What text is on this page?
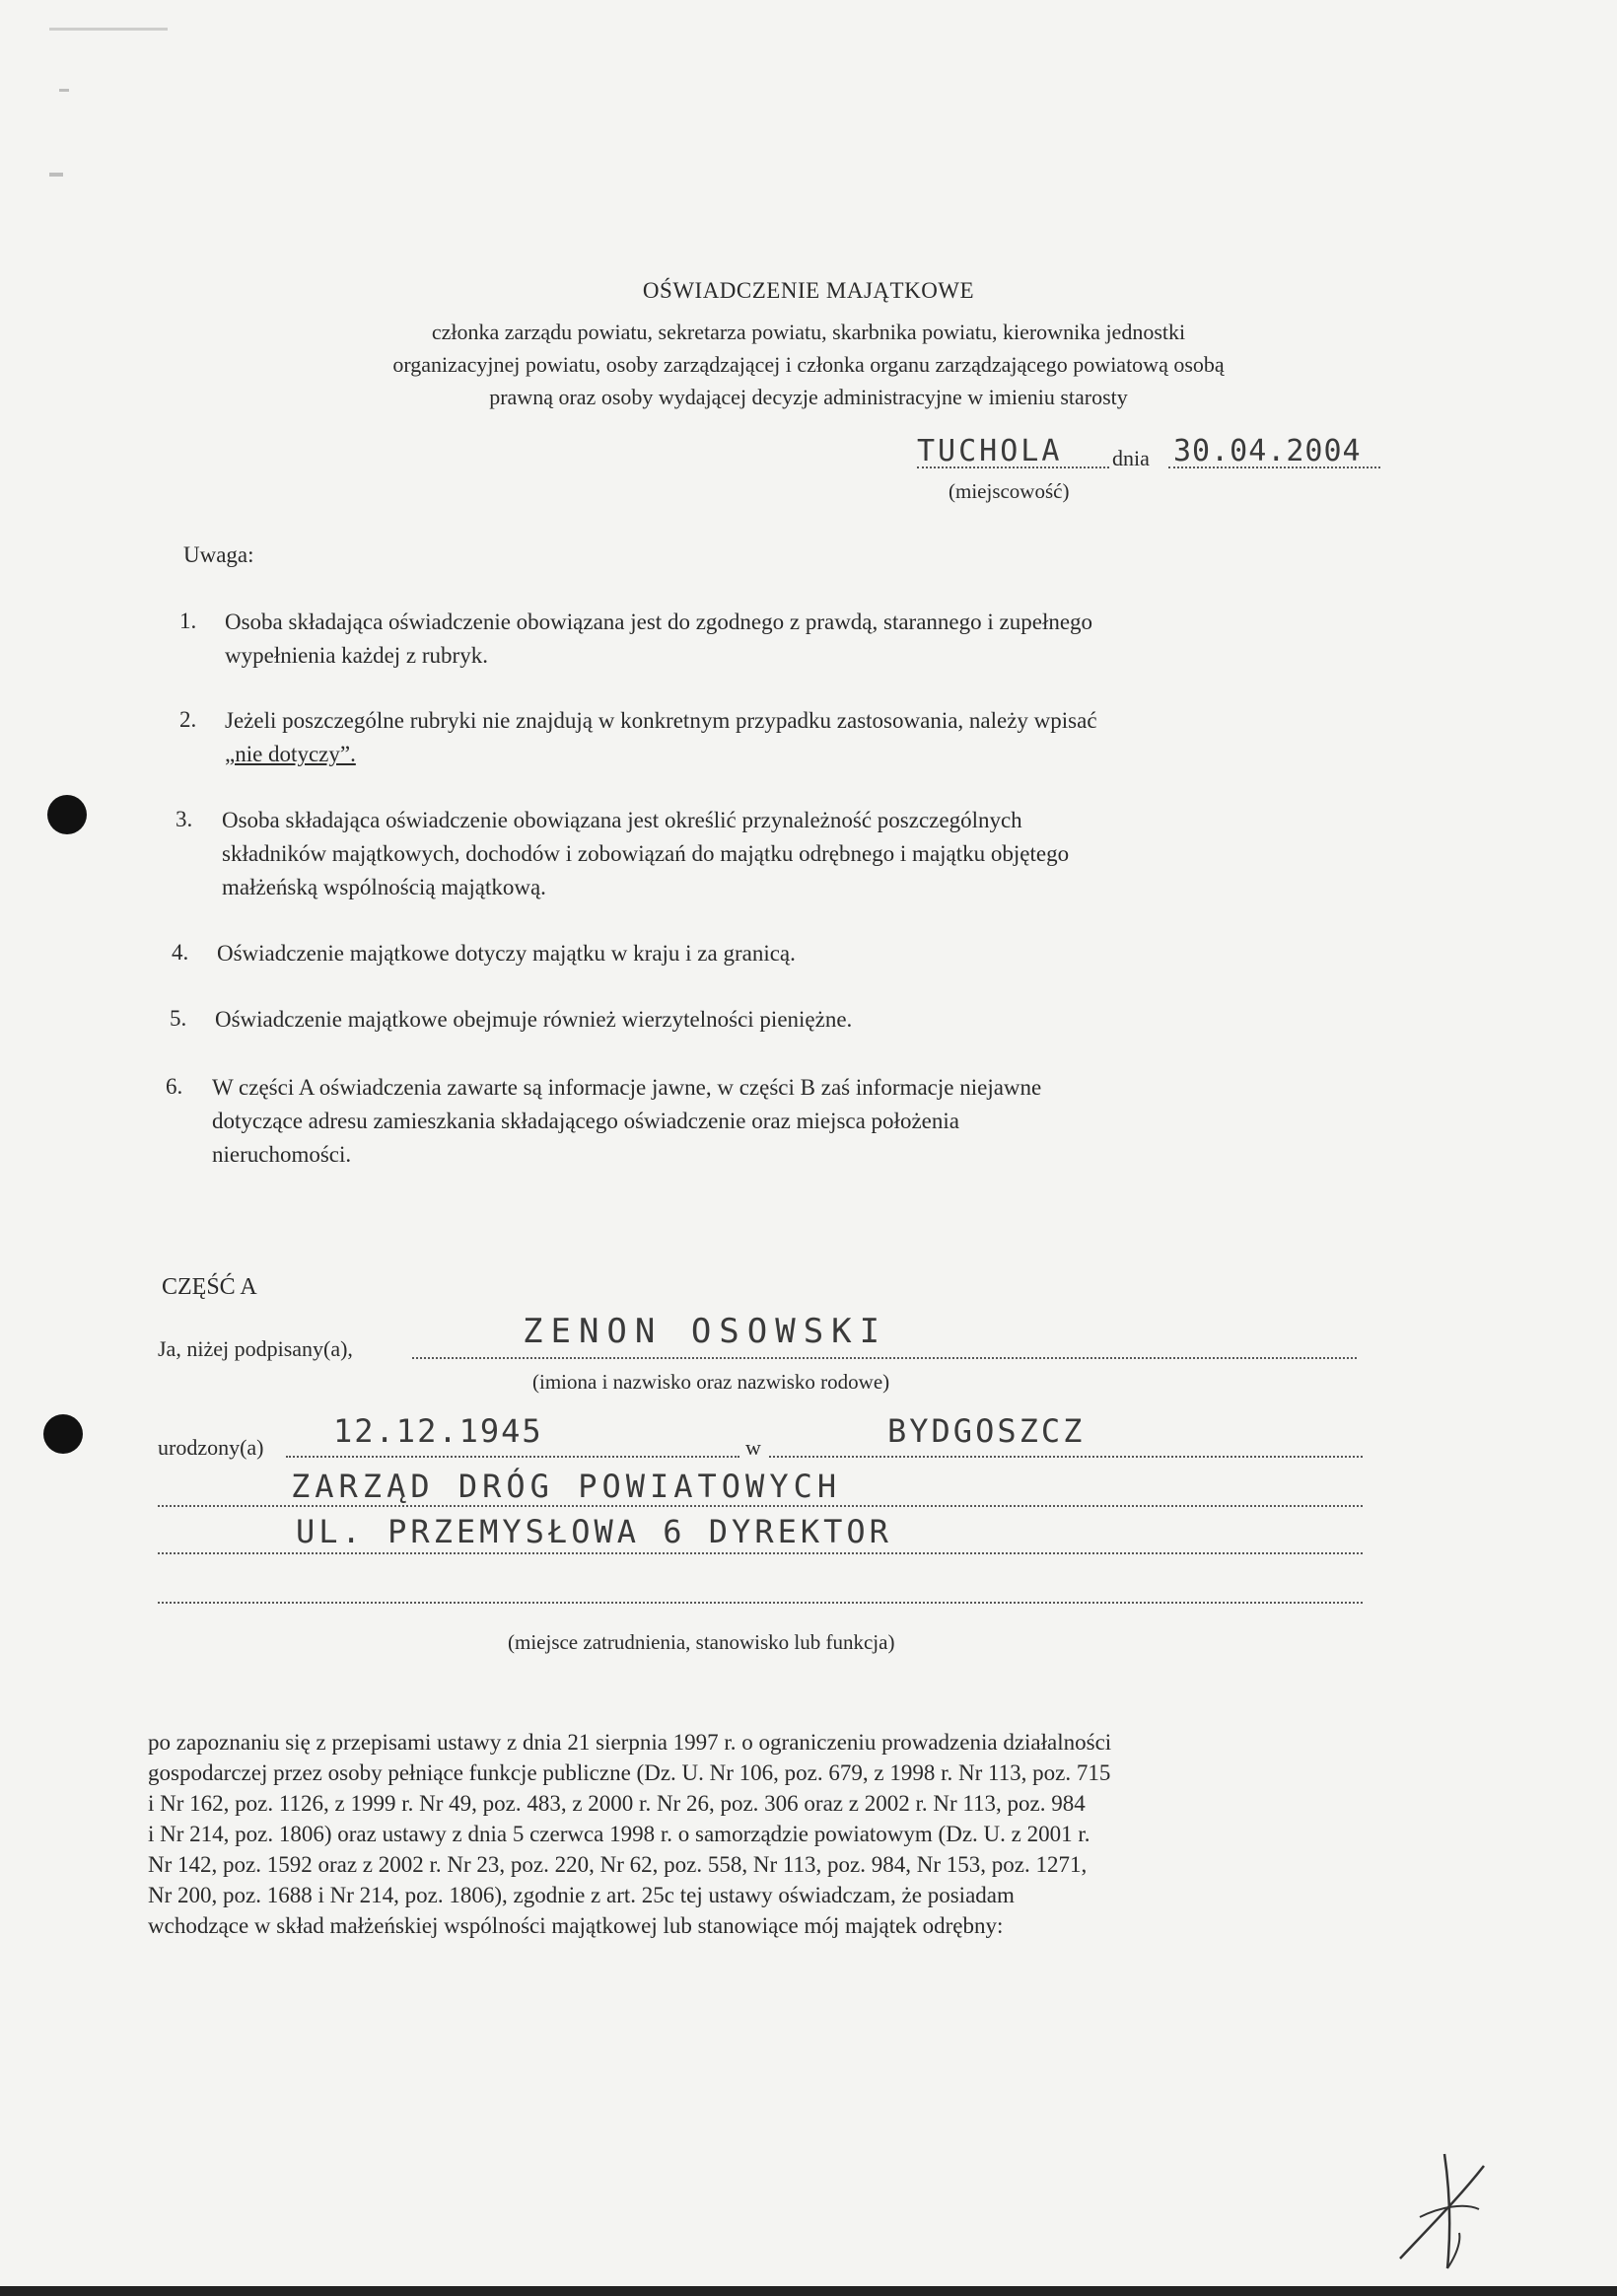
OŚWIADCZENIE MAJĄTKOWE
członka zarządu powiatu, sekretarza powiatu, skarbnika powiatu, kierownika jednostki
organizacyjnej powiatu, osoby zarządzającej i członka organu zarządzającego powiatową osobą
prawną oraz osoby wydającej decyzje administracyjne w imieniu starosty
TUCHOLA dnia 30.04.2004
(miejscowość)
Uwaga:
1. Osoba składająca oświadczenie obowiązana jest do zgodnego z prawdą, starannego i zupełnego
wypełnienia każdej z rubryk.
2. Jeżeli poszczególne rubryki nie znajdują w konkretnym przypadku zastosowania, należy wpisać
„nie dotyczy”.
3. Osoba składająca oświadczenie obowiązana jest określić przynależność poszczególnych
składników majątkowych, dochodów i zobowiązań do majątku odrębnego i majątku objętego
małżeńską wspólnością majątkową.
4. Oświadczenie majątkowe dotyczy majątku w kraju i za granicą.
5. Oświadczenie majątkowe obejmuje również wierzytelności pieniężne.
6. W części A oświadczenia zawarte są informacje jawne, w części B zaś informacje niejawne
dotyczące adresu zamieszkania składającego oświadczenie oraz miejsca położenia
nieruchomości.
CZĘŚĆ A
Ja, niżej podpisany(a),	ZENON OSOWSKI
(imiona i nazwisko oraz nazwisko rodowe)
urodzony(a) 12.12.1945	w	BYDGOSZCZ
ZARZĄD DRÓG POWIATOWYCH
UL. PRZEMYSŁOWA 6 DYREKTOR
(miejsce zatrudnienia, stanowisko lub funkcja)
po zapoznaniu się z przepisami ustawy z dnia 21 sierpnia 1997 r. o ograniczeniu prowadzenia działalności
gospodarczej przez osoby pełniące funkcje publiczne (Dz. U. Nr 106, poz. 679, z 1998 r. Nr 113, poz. 715
i Nr 162, poz. 1126, z 1999 r. Nr 49, poz. 483, z 2000 r. Nr 26, poz. 306 oraz z 2002 r. Nr 113, poz. 984
i Nr 214, poz. 1806) oraz ustawy z dnia 5 czerwca 1998 r. o samorządzie powiatowym (Dz. U. z 2001 r.
Nr 142, poz. 1592 oraz z 2002 r. Nr 23, poz. 220, Nr 62, poz. 558, Nr 113, poz. 984, Nr 153, poz. 1271,
Nr 200, poz. 1688 i Nr 214, poz. 1806), zgodnie z art. 25c tej ustawy oświadczam, że posiadam
wchodzące w skład małżeńskiej wspólności majątkowej lub stanowiące mój majątek odrębny:
